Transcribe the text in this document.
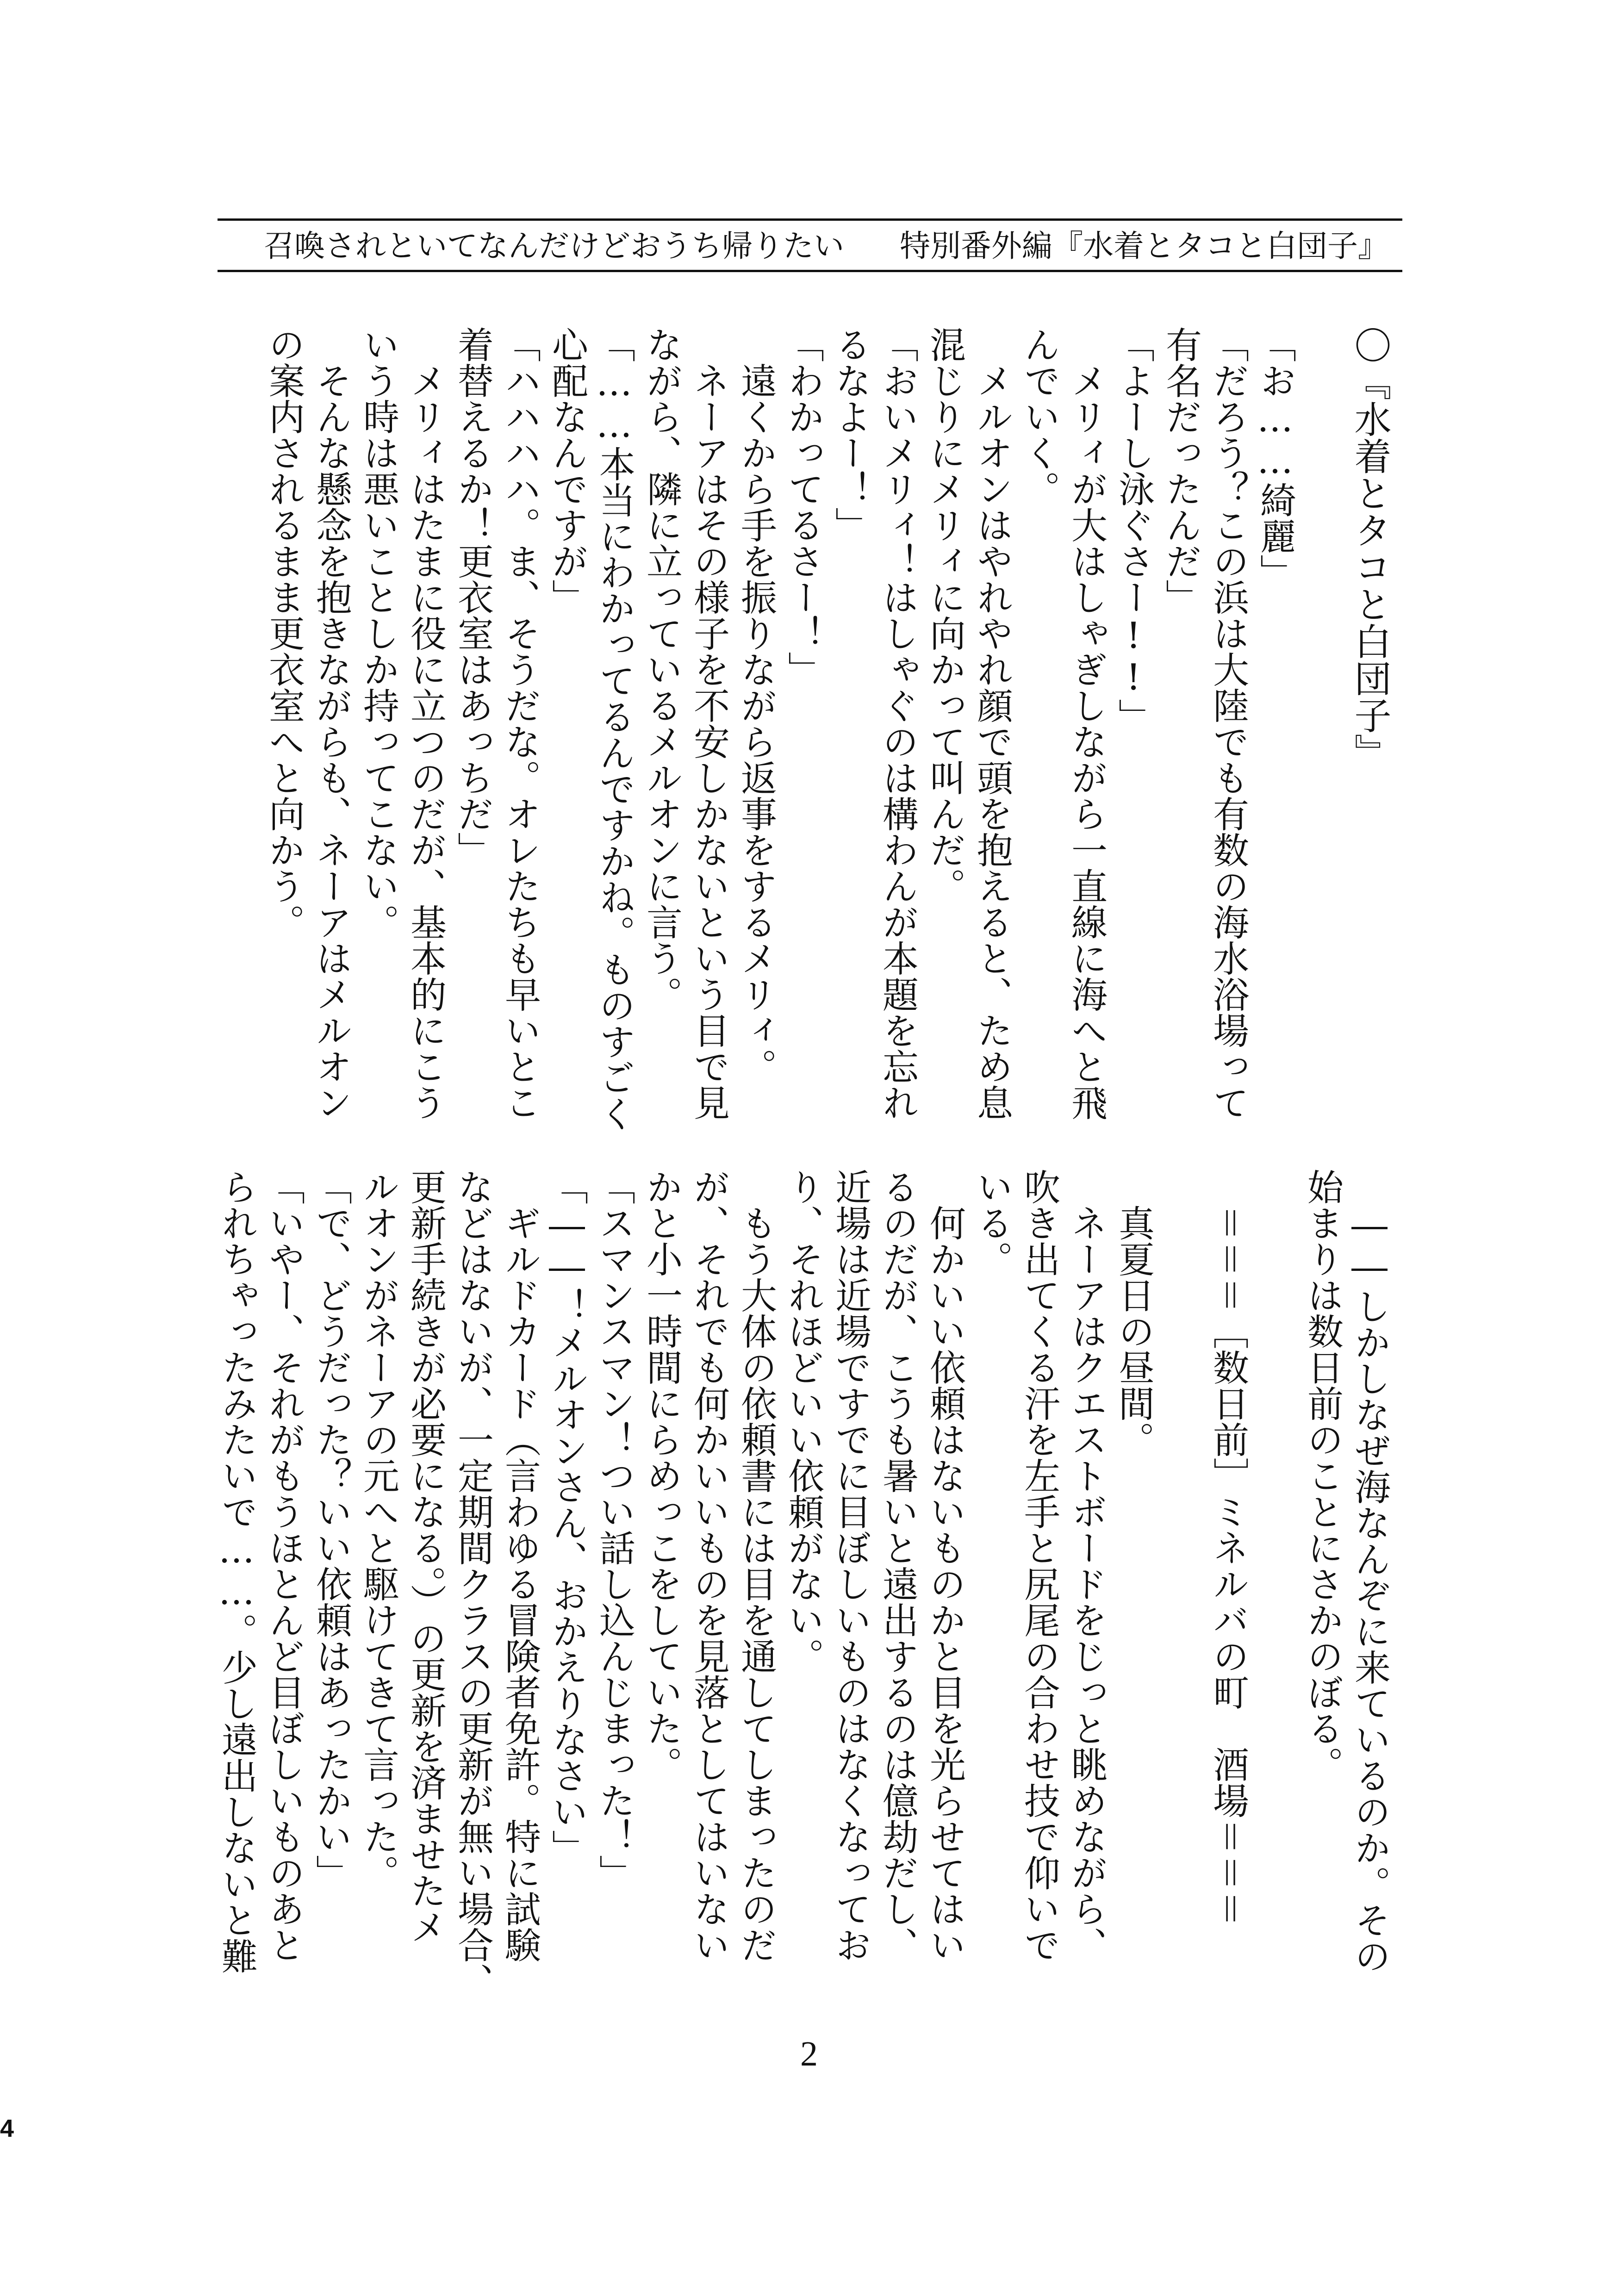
召喚されといてなんだけどおうち帰りたい 特別番外編『水着とタコと白団子』
〇『水着とタコと白団子』

「お……綺麗」
「だろう？この浜は大陸でも有数の海水浴場って
有名だったんだ」
「よーし泳ぐさー!!」
　メリィが大はしゃぎしながら一直線に海へと飛
んでいく。
　メルオンはやれやれ顔で頭を抱えると、ため息
混じりにメリィに向かって叫んだ。
「おいメリィ！はしゃぐのは構わんが本題を忘れ
るなよー！」
「わかってるさー！」
　遠くから手を振りながら返事をするメリィ。
　ネーアはその様子を不安しかないという目で見
ながら、隣に立っているメルオンに言う。
「……本当にわかってるんですかね。ものすごく
心配なんですが」
「ハハハハ。ま、そうだな。オレたちも早いとこ
着替えるか！更衣室はあっちだ」
　メリィはたまに役に立つのだが、基本的にこう
いう時は悪いことしか持ってこない。
　そんな懸念を抱きながらも、ネーアはメルオン
の案内されるまま更衣室へと向かう。
　――しかしなぜ海なんぞに来ているのか。その
始まりは数日前のことにさかのぼる。

　＝＝＝［数日前］ミネルバの町　酒場＝＝＝

　真夏日の昼間。
　ネーアはクエストボードをじっと眺めながら、
吹き出てくる汗を左手と尻尾の合わせ技で仰いで
いる。
　何かいい依頼はないものかと目を光らせてはい
るのだが、こうも暑いと遠出するのは億劫だし、
近場は近場ですでに目ぼしいものはなくなってお
り、それほどいい依頼がない。
　もう大体の依頼書には目を通してしまったのだ
が、それでも何かいいものを見落としてはいない
かと小一時間にらめっこをしていた。
「スマンスマン！つい話し込んじまった！」
「――！メルオンさん、おかえりなさい」
　ギルドカード（言わゆる冒険者免許。特に試験
などはないが、一定期間クラスの更新が無い場合、
更新手続きが必要になる。）の更新を済ませたメ
ルオンがネーアの元へと駆けてきて言った。
「で、どうだった？いい依頼はあったかい」
「いやー、それがもうほとんど目ぼしいものあと
られちゃったみたいで……。少し遠出しないと難
2
4
